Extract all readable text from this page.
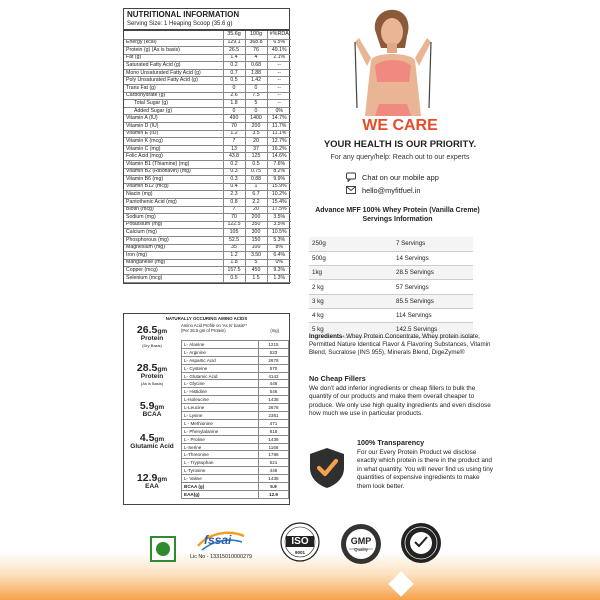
NUTRITIONAL INFORMATION
Serving Size: 1 Heaping Scoop (35.6 g)
	35.6g	100g	#%RDA
Energy (kcal)	129.1	368.8	6.5%
Protein (g) (As is basis)	26.5	76	49.1%
Fat (g)	1.4	4	2.1%
Saturated Fatty Acid (g)	0.2	0.68	--
Mono Unsaturated Fatty Acid (g)	0.7	1.88	--
Poly Unsaturated Fatty Acid (g)	0.5	1.42	--
Trans Fat (g)	0	0	--
Carbohydrate (g)	2.6	7.5	--
Total Sugar (g)	1.8	5	--
Added Sugar (g)	0	0	0%
Vitamin A (IU)	490	1400	14.7%
Vitamin D (IU)	70	200	11.7%
Vitamin E (IU)	1.2	3.5	11.1%
Vitamin K (mcg)	7	20	12.7%
Vitamin C (mg)	13	37	16.2%
Folic Acid (mcg)	43.8	125	14.6%
Vitamin B1 (Thiamine) (mg)	0.2	0.5	7.6%
Vitamin B2 (Riboflavin) (mg)	0.3	0.75	8.2%
Vitamin B6 (mg)	0.3	0.88	9.9%
Vitamin B12 (mcg)	0.4	1	15.9%
Niacin (mg)	2.3	6.7	10.2%
Pantothenic Acid (mg)	0.8	2.2	15.4%
Biotin (mcg)	7	20	17.5%
Sodium (mg)	70	200	3.5%
Potassium (mg)	122.5	350	3.5%
Calcium (mg)	105	300	10.5%
Phosphorous (mg)	52.5	150	5.3%
Magnesium (mg)	35	100	8%
Iron (mg)	1.2	3.50	6.4%
Manganese (mg)	1.8	5	0%
Copper (mcg)	157.5	450	9.3%
Selenium (mcg)	0.5	1.5	1.3%
NATURALLY OCCURING AMINO ACIDS
26.5gm
Protein
(Dry Basis)
28.5gm
Protein
(As is Basis)
5.9gm
BCAA
4.5gm
Glutamic Acid
12.9gm
EAA
Amino Acid Profile on 'As Is' basis**
(Per 26.5 gm of Protein)	(mg)
L- Alanine	1215
L- Arginine	523
L- Aspartic Acid	2678
L- Cysteine	570
L- Glutamic Acid	4142
L- Glycine	446
L- Histidine	546
L-Isoleucine	1438
L-Leucine	2678
L- Lysine	2381
L - Methionine	471
L- Phenylalanine	818
L - Proline	1438
L-Serine	1166
L-Threonine	1786
L - Tryptophan	521
L-Tyrosine	446
L- Valine	1438
BCAA (g)	5.9
EAA(g)	12.9
WE CARE
YOUR HEALTH IS OUR PRIORITY.
For any query/help: Reach out to our experts
Chat on our mobile app
hello@myfitfuel.in
Advance MFF 100% Whey Protein (Vanilla Creme)
Servings Information
250g	7 Servings
500g	14 Servings
1kg	28.5 Servings
2 kg	57 Servings
3 kg	85.5 Servings
4 kg	114 Servings
5 kg	142.5 Servings
Ingredients- Whey Protein Concentrate, Whey protein isolate, Permitted Nature Identical Flavor & Flavoring Substances, Vitamin Blend, Sucralose (INS 955), Minerals Blend, DigeZyme®
No Cheap Fillers
We don't add inferior ingredients or cheap fillers to bulk the quantity of our products and make them overall cheaper to produce. We only use high quality ingredients and even disclose how much we use in particular products.
100% Transparency
For our Every Protein Product we disclose exactly which protein is there in the product and in what quantity. You will never find us using tiny quantities of expensive ingredients to make them look better.
fssai
Lic No - 13315010000279
ISO
9001
GMP
Quality
